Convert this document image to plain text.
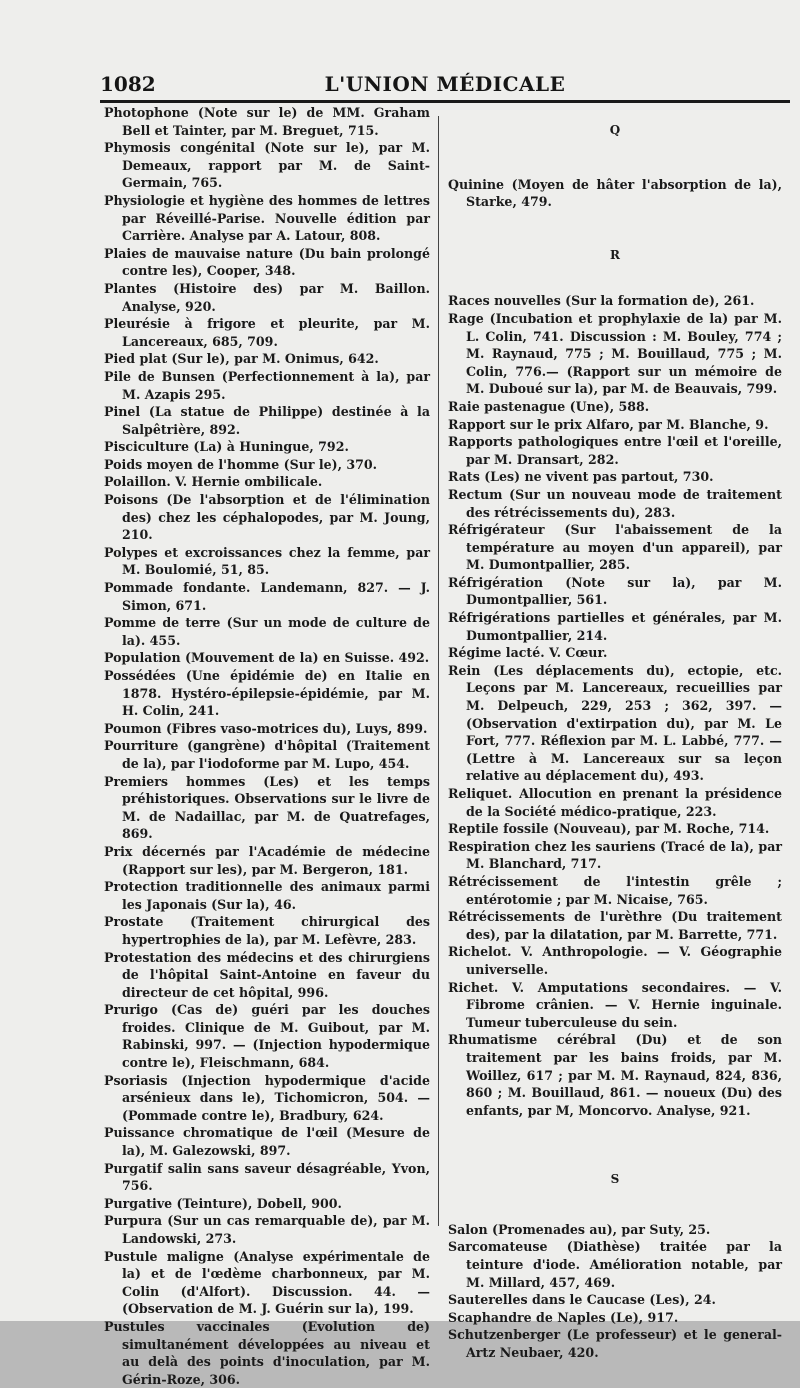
1082	L'UNION MÉDICALE

Photophone (Note sur le) de MM. Graham Bell et Tainter, par M. Breguet, 715.

Phymosis congénital (Note sur le), par M. Demeaux, rapport par M. de Saint-Germain, 765.

Physiologie et hygiène des hommes de lettres par Réveillé-Parise. Nouvelle édition par Carrière. Analyse par A. Latour, 808.

Plaies de mauvaise nature (Du bain prolongé contre les), Cooper, 348.

Plantes (Histoire des) par M. Baillon. Analyse, 920.

Pleurésie à frigore et pleurite, par M. Lancereaux, 685, 709.

Pied plat (Sur le), par M. Onimus, 642.

Pile de Bunsen (Perfectionnement à la), par M. Azapis 295.

Pinel (La statue de Philippe) destinée à la Salpêtrière, 892.

Pisciculture (La) à Huningue, 792.

Poids moyen de l'homme (Sur le), 370.

Polaillon. V. Hernie ombilicale.

Poisons (De l'absorption et de l'élimination des) chez les céphalopodes, par M. Joung, 210.

Polypes et excroissances chez la femme, par M. Boulomié, 51, 85.

Pommade fondante. Landemann, 827. — J. Simon, 671.

Pomme de terre (Sur un mode de culture de la). 455.

Population (Mouvement de la) en Suisse. 492.

Possédées (Une épidémie de) en Italie en 1878. Hystéro-épilepsie-épidémie, par M. H. Colin, 241.

Poumon (Fibres vaso-motrices du), Luys, 899.

Pourriture (gangrène) d'hôpital (Traitement de la), par l'iodoforme par M. Lupo, 454.

Premiers hommes (Les) et les temps préhistoriques. Observations sur le livre de M. de Nadaillac, par M. de Quatrefages, 869.

Prix décernés par l'Académie de médecine (Rapport sur les), par M. Bergeron, 181.

Protection traditionnelle des animaux parmi les Japonais (Sur la), 46.

Prostate (Traitement chirurgical des hypertrophies de la), par M. Lefèvre, 283.

Protestation des médecins et des chirurgiens de l'hôpital Saint-Antoine en faveur du directeur de cet hôpital, 996.

Prurigo (Cas de) guéri par les douches froides. Clinique de M. Guibout, par M. Rabinski, 997. — (Injection hypodermique contre le), Fleischmann, 684.

Psoriasis (Injection hypodermique d'acide arsénieux dans le), Tichomicron, 504. — (Pommade contre le), Bradbury, 624.

Puissance chromatique de l'œil (Mesure de la), M. Galezowski, 897.

Purgatif salin sans saveur désagréable, Yvon, 756.

Purgative (Teinture), Dobell, 900.

Purpura (Sur un cas remarquable de), par M. Landowski, 273.

Pustule maligne (Analyse expérimentale de la) et de l'œdème charbonneux, par M. Colin (d'Alfort). Discussion. 44. — (Observation de M. J. Guérin sur la), 199.

Pustules vaccinales (Evolution de) simultanément développées au niveau et au delà des points d'inoculation, par M. Gérin-Roze, 306.

Q

Quinine (Moyen de hâter l'absorption de la), Starke, 479.

R

Races nouvelles (Sur la formation de), 261.

Rage (Incubation et prophylaxie de la) par M. L. Colin, 741. Discussion : M. Bouley, 774 ; M. Raynaud, 775 ; M. Bouillaud, 775 ; M. Colin, 776.— (Rapport sur un mémoire de M. Duboué sur la), par M. de Beauvais, 799.

Raie pastenague (Une), 588.

Rapport sur le prix Alfaro, par M. Blanche, 9.

Rapports pathologiques entre l'œil et l'oreille, par M. Dransart, 282.

Rats (Les) ne vivent pas partout, 730.

Rectum (Sur un nouveau mode de traitement des rétrécissements du), 283.

Réfrigérateur (Sur l'abaissement de la température au moyen d'un appareil), par M. Dumontpallier, 285.

Réfrigération (Note sur la), par M. Dumontpallier, 561.

Réfrigérations partielles et générales, par M. Dumontpallier, 214.

Régime lacté. V. Cœur.

Rein (Les déplacements du), ectopie, etc. Leçons par M. Lancereaux, recueillies par M. Delpeuch, 229, 253 ; 362, 397. — (Observation d'extirpation du), par M. Le Fort, 777. Réflexion par M. L. Labbé, 777. — (Lettre à M. Lancereaux sur sa leçon relative au déplacement du), 493.

Reliquet. Allocution en prenant la présidence de la Société médico-pratique, 223.

Reptile fossile (Nouveau), par M. Roche, 714.

Respiration chez les sauriens (Tracé de la), par M. Blanchard, 717.

Rétrécissement de l'intestin grêle ; entérotomie ; par M. Nicaise, 765.

Rétrécissements de l'urèthre (Du traitement des), par la dilatation, par M. Barrette, 771.

Richelot. V. Anthropologie. — V. Géographie universelle.

Richet. V. Amputations secondaires. — V. Fibrome crânien. — V. Hernie inguinale. Tumeur tuberculeuse du sein.

Rhumatisme cérébral (Du) et de son traitement par les bains froids, par M. Woillez, 617 ; par M. M. Raynaud, 824, 836, 860 ; M. Bouillaud, 861. — noueux (Du) des enfants, par M, Moncorvo. Analyse, 921.

S

Salon (Promenades au), par Suty, 25.

Sarcomateuse (Diathèse) traitée par la teinture d'iode. Amélioration notable, par M. Millard, 457, 469.

Sauterelles dans le Caucase (Les), 24.

Scaphandre de Naples (Le), 917.

Schutzenberger (Le professeur) et le general-Artz Neubaer, 420.
